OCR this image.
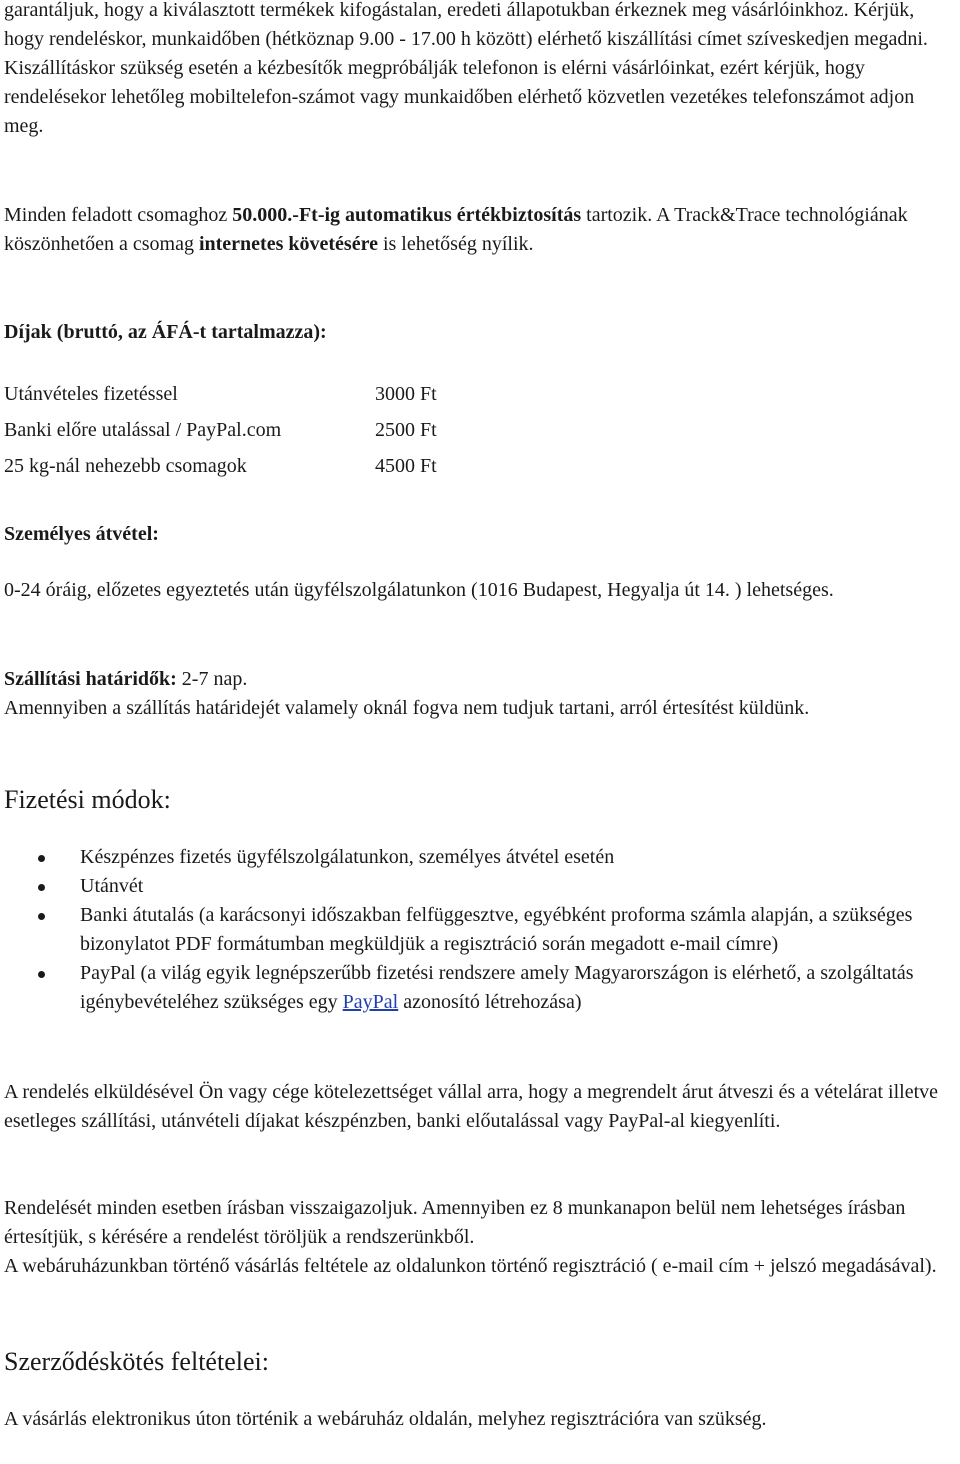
garantáljuk, hogy a kiválasztott termékek kifogástalan, eredeti állapotukban érkeznek meg vásárlóinkhoz. Kérjük, hogy rendeléskor, munkaidőben (hétköznap 9.00 - 17.00 h között) elérhető kiszállítási címet szíveskedjen megadni. Kiszállításkor szükség esetén a kézbesítők megpróbálják telefonon is elérni vásárlóinkat, ezért kérjük, hogy rendelésekor lehetőleg mobiltelefon-számot vagy munkaidőben elérhető közvetlen vezetékes telefonszámot adjon meg.

Minden feladott csomaghoz 50.000.-Ft-ig automatikus értékbiztosítás tartozik. A Track&Trace technológiának köszönhetően a csomag internetes követésére is lehetőség nyílik.

Díjak (bruttó, az ÁFÁ-t tartalmazza):

Utánvételes fizetéssel	3000 Ft
Banki előre utalással / PayPal.com	2500 Ft
25 kg-nál nehezebb csomagok	4500 Ft

Személyes átvétel:

0-24 óráig, előzetes egyeztetés után ügyfélszolgálatunkon (1016 Budapest, Hegyalja út 14. ) lehetséges.

Szállítási határidők: 2-7 nap.

Amennyiben a szállítás határidejét valamely oknál fogva nem tudjuk tartani, arról értesítést küldünk.

Fizetési módok:
Készpénzes fizetés ügyfélszolgálatunkon, személyes átvétel esetén
Utánvét
Banki átutalás (a karácsonyi időszakban felfüggesztve, egyébként proforma számla alapján, a szükséges bizonylatot PDF formátumban megküldjük a regisztráció során megadott e-mail címre)
PayPal (a világ egyik legnépszerűbb fizetési rendszere amely Magyarországon is elérhető, a szolgáltatás igénybevételéhez szükséges egy PayPal azonosító létrehozása)

A rendelés elküldésével Ön vagy cége kötelezettséget vállal arra, hogy a megrendelt árut átveszi és a vételárat illetve esetleges szállítási, utánvételi díjakat készpénzben, banki előutalással vagy PayPal-al kiegyenlíti.

Rendelését minden esetben írásban visszaigazoljuk. Amennyiben ez 8 munkanapon belül nem lehetséges írásban értesítjük, s kérésére a rendelést töröljük a rendszerünkből.

A webáruházunkban történő vásárlás feltétele az oldalunkon történő regisztráció ( e-mail cím + jelszó megadásával).

Szerződéskötés feltételei:

A vásárlás elektronikus úton történik a webáruház oldalán, melyhez regisztrációra van szükség.
